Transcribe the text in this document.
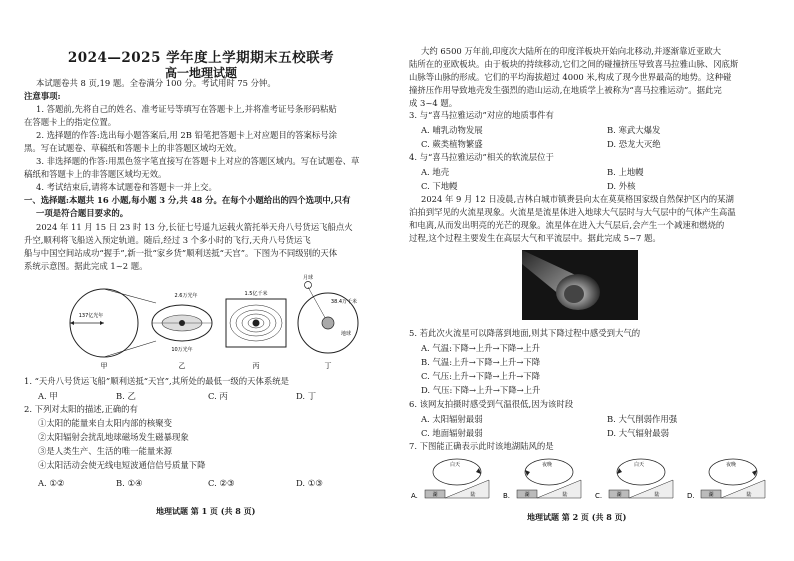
2024—2025 学年度上学期期末五校联考
高一地理试题
本试题卷共 8 页,19 题。全卷满分 100 分。考试用时 75 分钟。
注意事项:
1. 答题前,先将自己的姓名、准考证号等填写在答题卡上,并将准考证号条形码粘贴
在答题卡上的指定位置。
2. 选择题的作答:选出每小题答案后,用 2B 铅笔把答题卡上对应题目的答案标号涂
黑。写在试题卷、草稿纸和答题卡上的非答题区域均无效。
3. 非选择题的作答:用黑色签字笔直接写在答题卡上对应的答题区域内。写在试题卷、草
稿纸和答题卡上的非答题区域均无效。
4. 考试结束后,请将本试题卷和答题卡一并上交。
一、选择题:本题共 16 小题,每小题 3 分,共 48 分。在每个小题给出的四个选项中,只有
一项是符合题目要求的。
2024 年 11 月 15 日 23 时 13 分,长征七号遥九运载火箭托举天舟八号货运飞船点火
升空,顺利将飞船送入预定轨道。随后,经过 3 个多小时的飞行,天舟八号货运飞
船与中国空间站成功“握手”,新一批“家乡货”顺利送抵“天宫”。下图为不同级别的天体
系统示意图。据此完成 1~2 题。
137亿光年
甲
2.6万光年
10万光年
乙
1.5亿千米
丙
月球
38.4万千米
地球
丁
1. “天舟八号货运飞船”顺利送抵“天宫”,其所处的最低一级的天体系统是
A. 甲	B. 乙	C. 丙	D. 丁
2. 下列对太阳的描述,正确的有
①太阳的能量来自太阳内部的核聚变
②太阳辐射会扰乱地球磁场发生磁暴现象
③是人类生产、生活的唯一能量来源
④太阳活动会使无线电短波通信信号质量下降
A. ①②	B. ①④	C. ②③	D. ①③
地理试题 第 1 页 (共 8 页)
大约 6500 万年前,印度次大陆所在的印度洋板块开始向北移动,并逐渐靠近亚欧大
陆所在的亚欧板块。由于板块的持续移动,它们之间的碰撞挤压导致喜马拉雅山脉、冈底斯
山脉等山脉的形成。它们的平均海拔超过 4000 米,构成了现今世界最高的地势。这种碰
撞挤压作用导致地壳发生强烈的造山运动,在地质学上被称为“喜马拉雅运动”。据此完
成 3~4 题。
3. 与“喜马拉雅运动”对应的地质事件有
A. 哺乳动物发展	B. 寒武大爆发
C. 蕨类植物繁盛	D. 恐龙大灭绝
4. 与“喜马拉雅运动”相关的软流层位于
A. 地壳	B. 上地幔
C. 下地幔	D. 外核
2024 年 9 月 12 日凌晨,吉林白城市镇赉县向太在莫莫格国家级自然保护区内的某湖
泊拍到罕见的火流星现象。火流星是流星体进入地球大气层时与大气层中的气体产生高温
和电离,从而发出明亮的光芒的现象。流星体在进入大气层后,会产生一个减速和燃烧的
过程,这个过程主要发生在高层大气和平流层中。据此完成 5~7 题。
5. 若此次火流星可以降落到地面,则其下降过程中感受到大气的
A. 气温:下降→上升→下降→上升
B. 气温:上升→下降→上升→下降
C. 气压:上升→下降→上升→下降
D. 气压:下降→上升→下降→上升
6. 该网友拍摄时感受到气温很低,因为该时段
A. 太阳辐射最弱	B. 大气削弱作用强
C. 地面辐射最弱	D. 大气辐射最弱
7. 下图能正确表示此时该地湖陆风的是
A.
白天
湖	陆	B.
夜晚
湖	陆	C.
白天
湖	陆	D.
夜晚
湖	陆
地理试题 第 2 页 (共 8 页)
